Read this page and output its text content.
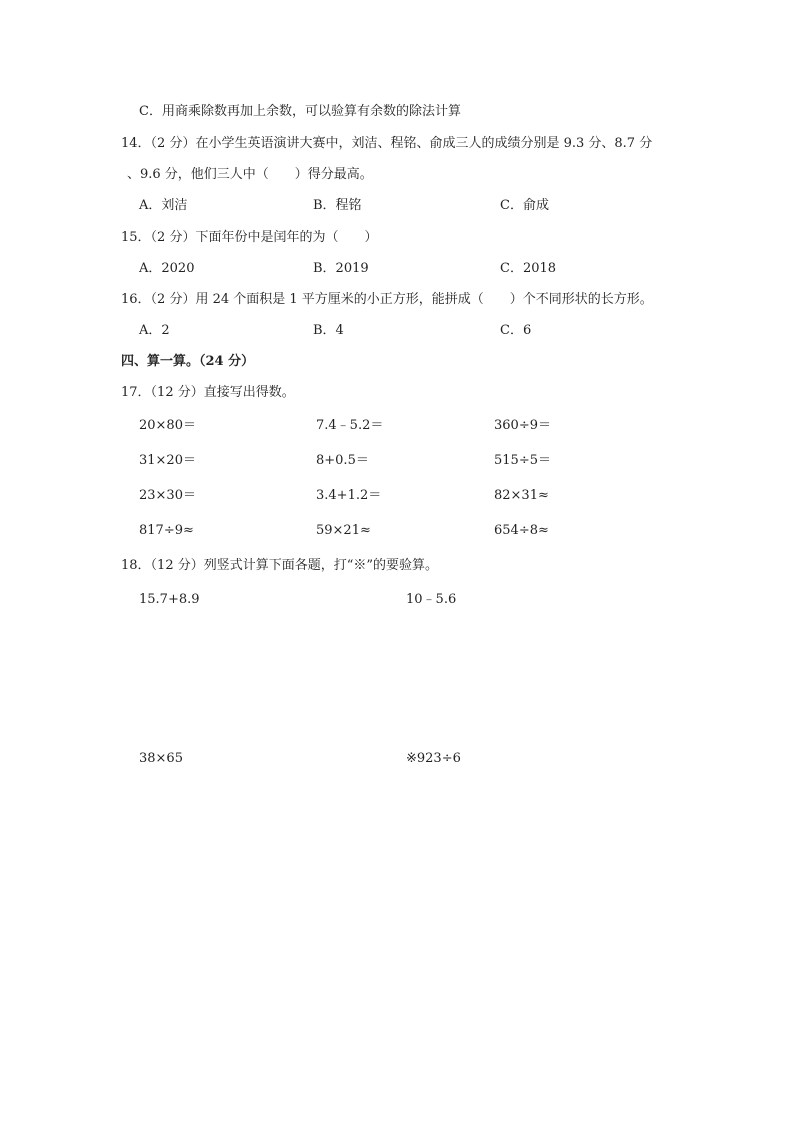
C．用商乘除数再加上余数，可以验算有余数的除法计算
14．（2 分）在小学生英语演讲大赛中，刘洁、程铭、俞成三人的成绩分别是 9.3 分、8.7 分
、9.6 分，他们三人中（　　）得分最高。
A．刘洁	B．程铭	C．俞成
15．（2 分）下面年份中是闰年的为（　　）
A．2020	B．2019	C．2018
16．（2 分）用 24 个面积是 1 平方厘米的小正方形，能拼成（　　）个不同形状的长方形。
A．2	B．4	C．6
四、算一算。（24 分）
17．（12 分）直接写出得数。
20×80＝	7.4﹣5.2＝	360÷9＝
31×20＝	8+0.5＝	515÷5＝
23×30＝	3.4+1.2＝	82×31≈
817÷9≈	59×21≈	654÷8≈
18．（12 分）列竖式计算下面各题，打“※”的要验算。
15.7+8.9	10﹣5.6
38×65	※923÷6
